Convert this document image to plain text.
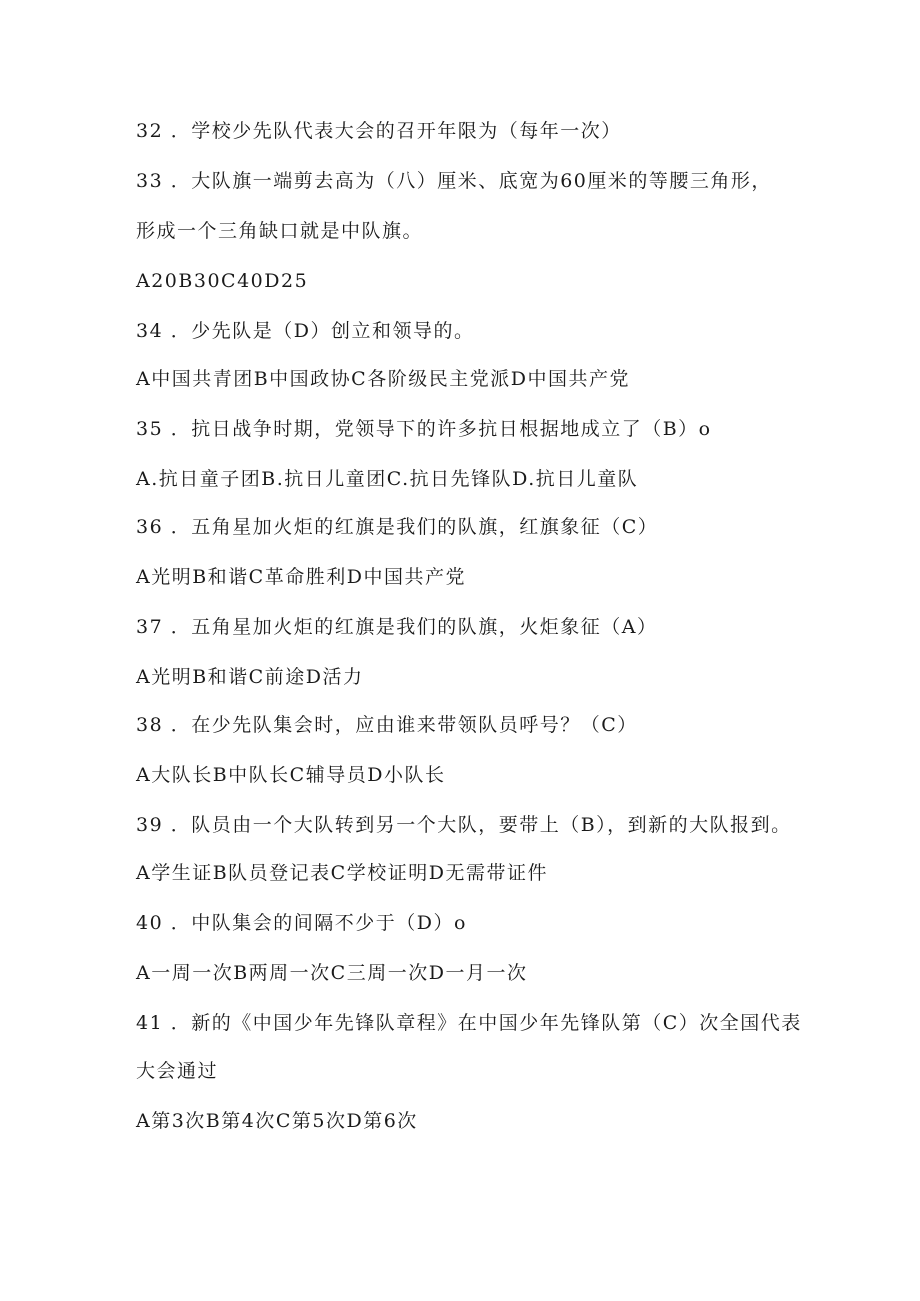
32 ．学校少先队代表大会的召开年限为（每年一次）
33 ．大队旗一端剪去高为（八）厘米、底宽为60厘米的等腰三角形，
形成一个三角缺口就是中队旗。
A20B30C40D25
34 ．少先队是（D）创立和领导的。
A中国共青团B中国政协C各阶级民主党派D中国共产党
35 ．抗日战争时期，党领导下的许多抗日根据地成立了（B）o
A.抗日童子团B.抗日儿童团C.抗日先锋队D.抗日儿童队
36 ．五角星加火炬的红旗是我们的队旗，红旗象征（C）
A光明B和谐C革命胜利D中国共产党
37 ．五角星加火炬的红旗是我们的队旗，火炬象征（A）
A光明B和谐C前途D活力
38 ．在少先队集会时，应由谁来带领队员呼号？（C）
A大队长B中队长C辅导员D小队长
39 ．队员由一个大队转到另一个大队，要带上（B），到新的大队报到。
A学生证B队员登记表C学校证明D无需带证件
40 ．中队集会的间隔不少于（D）o
A一周一次B两周一次C三周一次D一月一次
41 ．新的《中国少年先锋队章程》在中国少年先锋队第（C）次全国代表
大会通过
A第3次B第4次C第5次D第6次
